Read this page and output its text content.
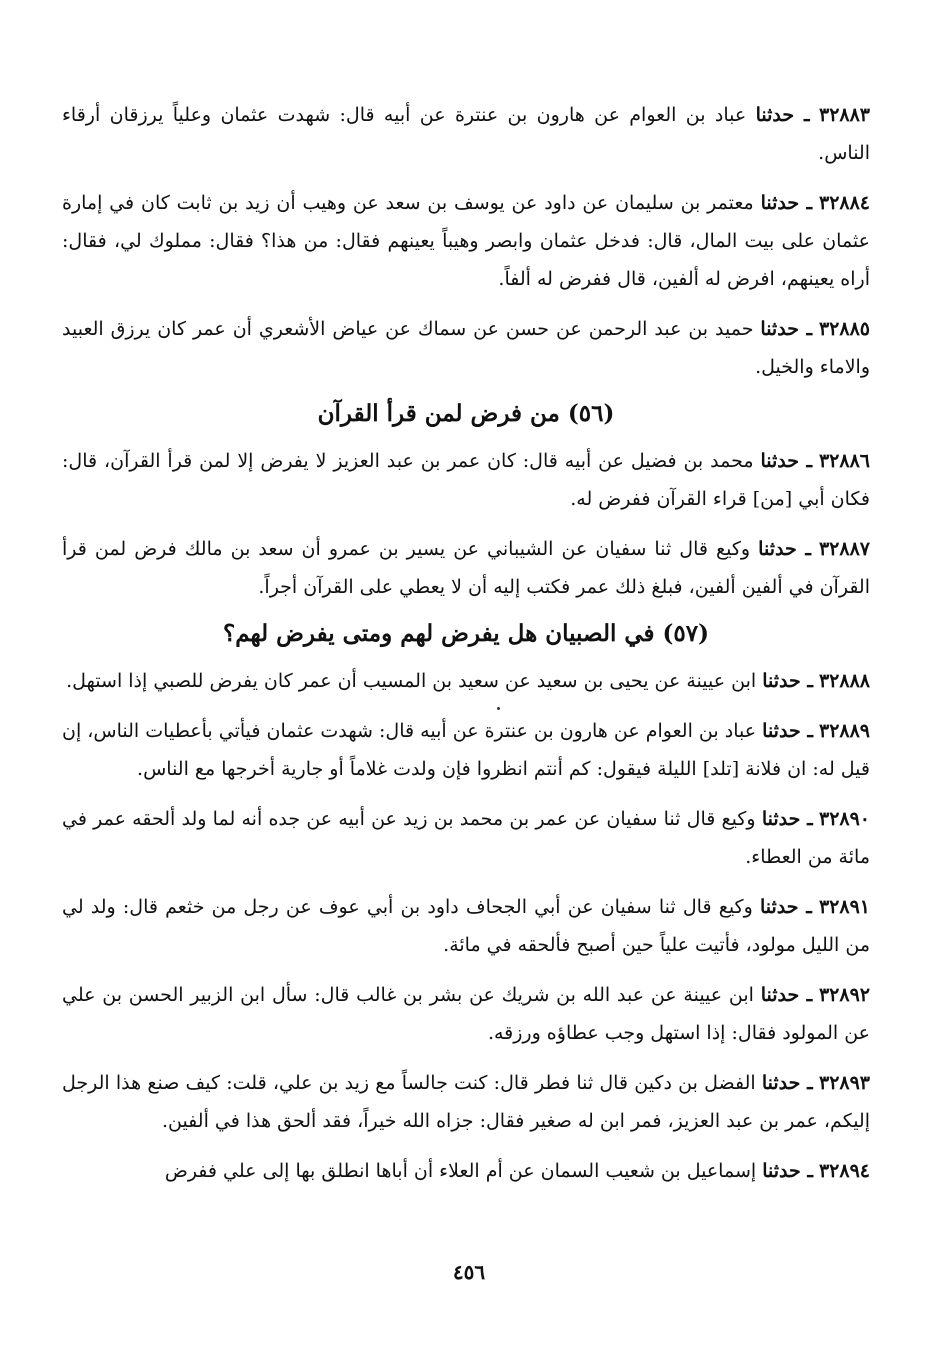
٣٢٨٨٣ ـ حدثنا عباد بن العوام عن هارون بن عنترة عن أبيه قال: شهدت عثمان وعلياً يرزقان أرقاء الناس.

٣٢٨٨٤ ـ حدثنا معتمر بن سليمان عن داود عن يوسف بن سعد عن وهيب أن زيد بن ثابت كان في إمارة عثمان على بيت المال، قال: فدخل عثمان وابصر وهيباً يعينهم فقال: من هذا؟ فقال: مملوك لي، فقال: أراه يعينهم، افرض له ألفين، قال ففرض له ألفاً.

٣٢٨٨٥ ـ حدثنا حميد بن عبد الرحمن عن حسن عن سماك عن عياض الأشعري أن عمر كان يرزق العبيد والاماء والخيل.

(٥٦) من فرض لمن قرأ القرآن

٣٢٨٨٦ ـ حدثنا محمد بن فضيل عن أبيه قال: كان عمر بن عبد العزيز لا يفرض إلا لمن قرأ القرآن، قال: فكان أبي [من] قراء القرآن ففرض له.

٣٢٨٨٧ ـ حدثنا وكيع قال ثنا سفيان عن الشيباني عن يسير بن عمرو أن سعد بن مالك فرض لمن قرأ القرآن في ألفين ألفين، فبلغ ذلك عمر فكتب إليه أن لا يعطي على القرآن أجراً.

(٥٧) في الصبيان هل يفرض لهم ومتى يفرض لهم؟

٣٢٨٨٨ ـ حدثنا ابن عيينة عن يحيى بن سعيد عن سعيد بن المسيب أن عمر كان يفرض للصبي إذا استهل.

٣٢٨٨٩ ـ حدثنا عباد بن العوام عن هارون بن عنترة عن أبيه قال: شهدت عثمان فيأتي بأعطيات الناس، إن قيل له: ان فلانة [تلد] الليلة فيقول: كم أنتم انظروا فإن ولدت غلاماً أو جارية أخرجها مع الناس.

٣٢٨٩٠ ـ حدثنا وكيع قال ثنا سفيان عن عمر بن محمد بن زيد عن أبيه عن جده أنه لما ولد ألحقه عمر في مائة من العطاء.

٣٢٨٩١ ـ حدثنا وكيع قال ثنا سفيان عن أبي الجحاف داود بن أبي عوف عن رجل من خثعم قال: ولد لي من الليل مولود، فأتيت علياً حين أصبح فألحقه في مائة.

٣٢٨٩٢ ـ حدثنا ابن عيينة عن عبد الله بن شريك عن بشر بن غالب قال: سأل ابن الزبير الحسن بن علي عن المولود فقال: إذا استهل وجب عطاؤه ورزقه.

٣٢٨٩٣ ـ حدثنا الفضل بن دكين قال ثنا فطر قال: كنت جالساً مع زيد بن علي، قلت: كيف صنع هذا الرجل إليكم، عمر بن عبد العزيز، فمر ابن له صغير فقال: جزاه الله خيراً، فقد ألحق هذا في ألفين.

٣٢٨٩٤ ـ حدثنا إسماعيل بن شعيب السمان عن أم العلاء أن أباها انطلق بها إلى علي ففرض

٤٥٦
